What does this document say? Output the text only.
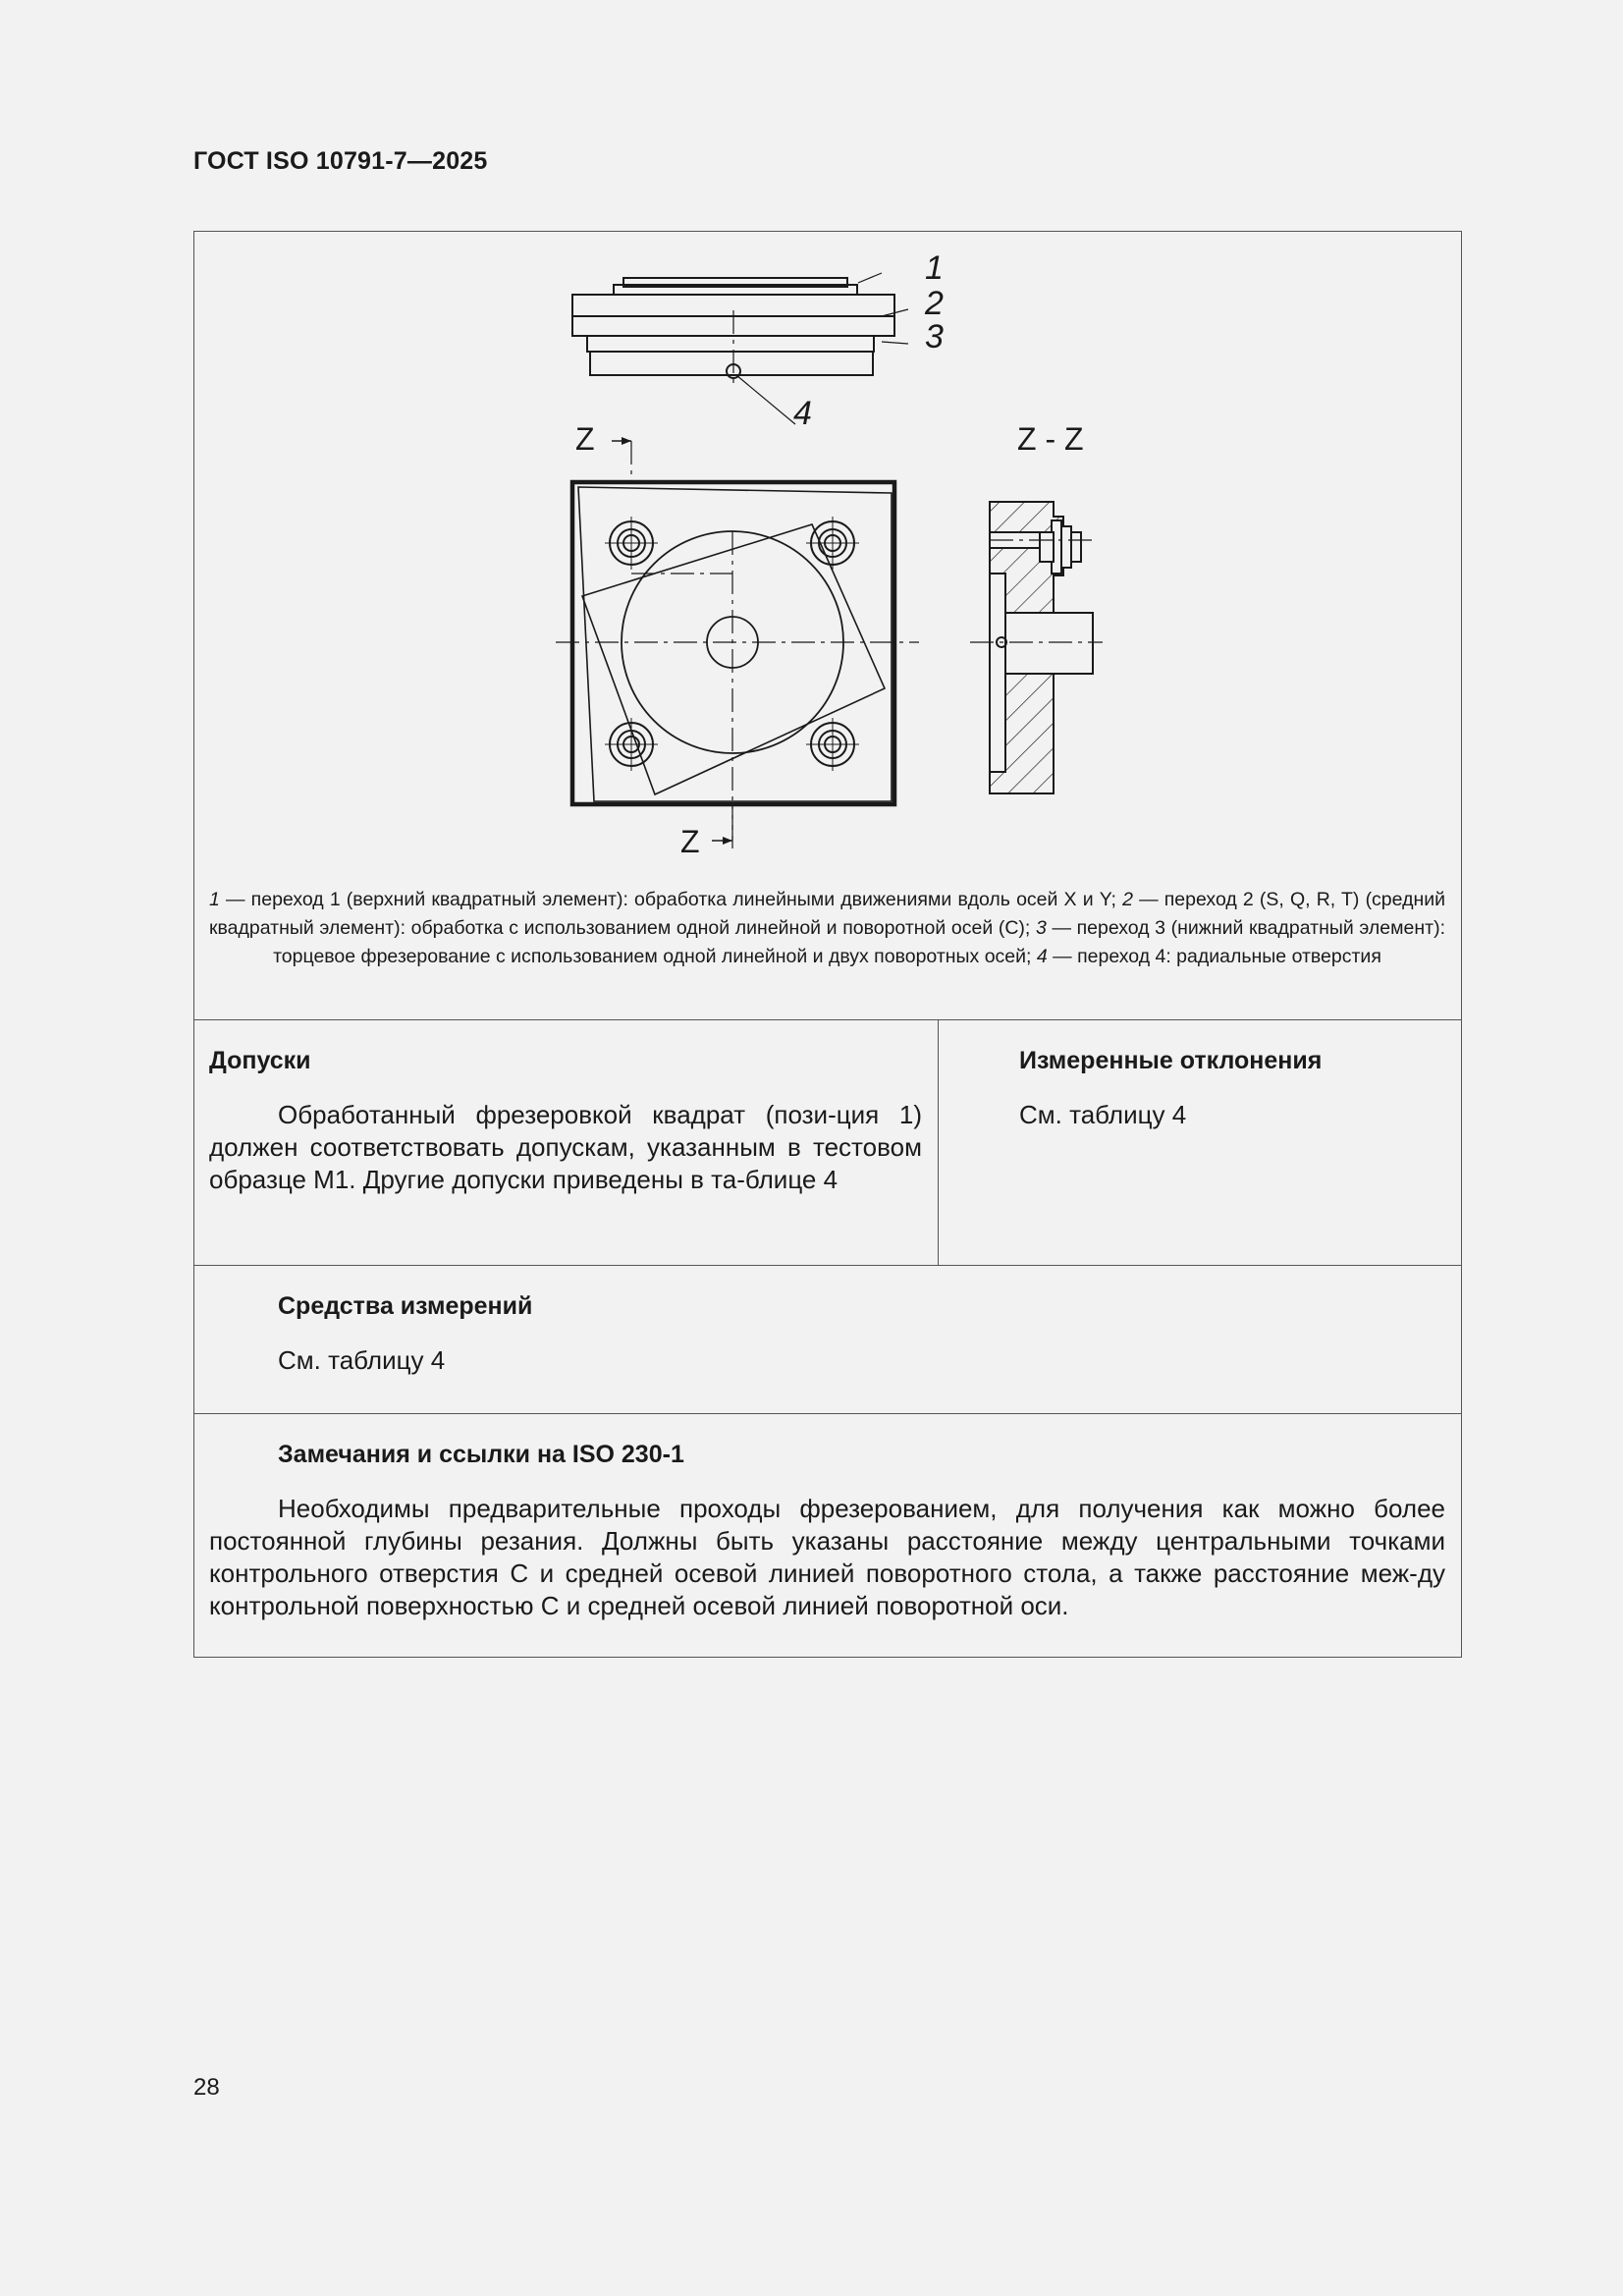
ГОСТ ISO 10791-7—2025
1
2
3
4
Z
Z
Z - Z
1 — переход 1 (верхний квадратный элемент): обработка линейными движениями вдоль осей X и Y; 2 — переход 2 (S, Q, R, T) (средний квадратный элемент): обработка с использованием одной линейной и поворотной осей (C); 3 — переход 3 (нижний квадратный элемент): торцевое фрезерование с использованием одной линейной и двух поворотных осей; 4 — переход 4: радиальные отверстия
Допуски
Обработанный фрезеровкой квадрат (пози-ция 1) должен соответствовать допускам, указанным в тестовом образце M1. Другие допуски приведены в та-блице 4
Измеренные отклонения
См. таблицу 4
Средства измерений
См. таблицу 4
Замечания и ссылки на ISO 230-1
Необходимы предварительные проходы фрезерованием, для получения как можно более постоянной глубины резания. Должны быть указаны расстояние между центральными точками контрольного отверстия C и средней осевой линией поворотного стола, а также расстояние меж-ду контрольной поверхностью C и средней осевой линией поворотной оси.
28
